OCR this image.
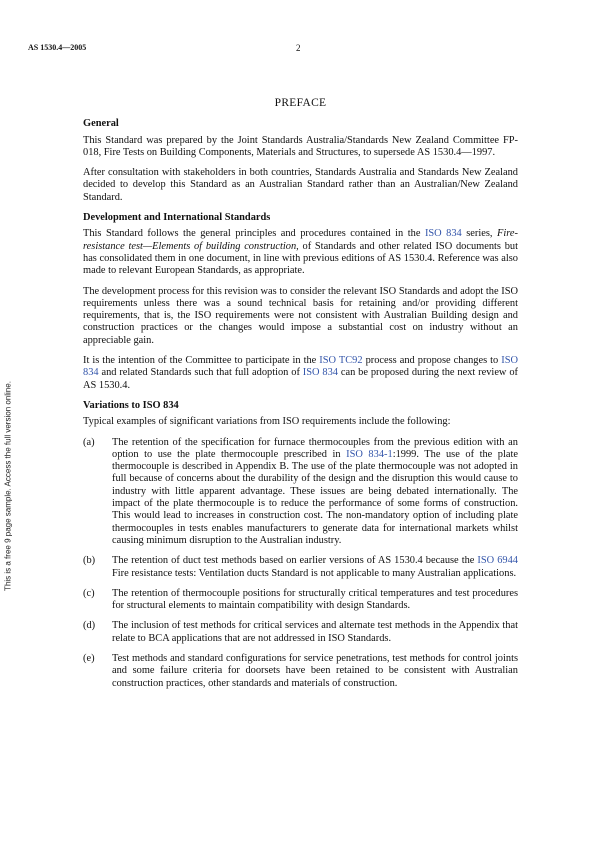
AS 1530.4—2005	2
This is a free 9 page sample. Access the full version online.
PREFACE
General

This Standard was prepared by the Joint Standards Australia/Standards New Zealand Committee FP-018, Fire Tests on Building Components, Materials and Structures, to supersede AS 1530.4—1997.

After consultation with stakeholders in both countries, Standards Australia and Standards New Zealand decided to develop this Standard as an Australian Standard rather than an Australian/New Zealand Standard.

Development and International Standards

This Standard follows the general principles and procedures contained in the ISO 834 series, Fire-resistance test—Elements of building construction, of Standards and other related ISO documents but has consolidated them in one document, in line with previous editions of AS 1530.4. Reference was also made to relevant European Standards, as appropriate.

The development process for this revision was to consider the relevant ISO Standards and adopt the ISO requirements unless there was a sound technical basis for retaining and/or providing different requirements, that is, the ISO requirements were not consistent with Australian Building design and construction practices or the changes would impose a substantial cost on industry without an appreciable gain.

It is the intention of the Committee to participate in the ISO TC92 process and propose changes to ISO 834 and related Standards such that full adoption of ISO 834 can be proposed during the next review of AS 1530.4.

Variations to ISO 834

Typical examples of significant variations from ISO requirements include the following:

(a) The retention of the specification for furnace thermocouples from the previous edition with an option to use the plate thermocouple prescribed in ISO 834-1:1999. The use of the plate thermocouple is described in Appendix B. The use of the plate thermocouple was not adopted in full because of concerns about the durability of the design and the disruption this would cause to industry with little apparent advantage. These issues are being debated internationally. The impact of the plate thermocouple is to reduce the performance of some forms of construction. This would lead to increases in construction cost. The non-mandatory option of including plate thermocouples in tests enables manufacturers to generate data for international markets whilst causing minimum disruption to the Australian industry.
(b) The retention of duct test methods based on earlier versions of AS 1530.4 because the ISO 6944 Fire resistance tests: Ventilation ducts Standard is not applicable to many Australian applications.
(c) The retention of thermocouple positions for structurally critical temperatures and test procedures for structural elements to maintain compatibility with design Standards.
(d) The inclusion of test methods for critical services and alternate test methods in the Appendix that relate to BCA applications that are not addressed in ISO Standards.
(e) Test methods and standard configurations for service penetrations, test methods for control joints and some failure criteria for doorsets have been retained to be consistent with Australian construction practices, other standards and materials of construction.
